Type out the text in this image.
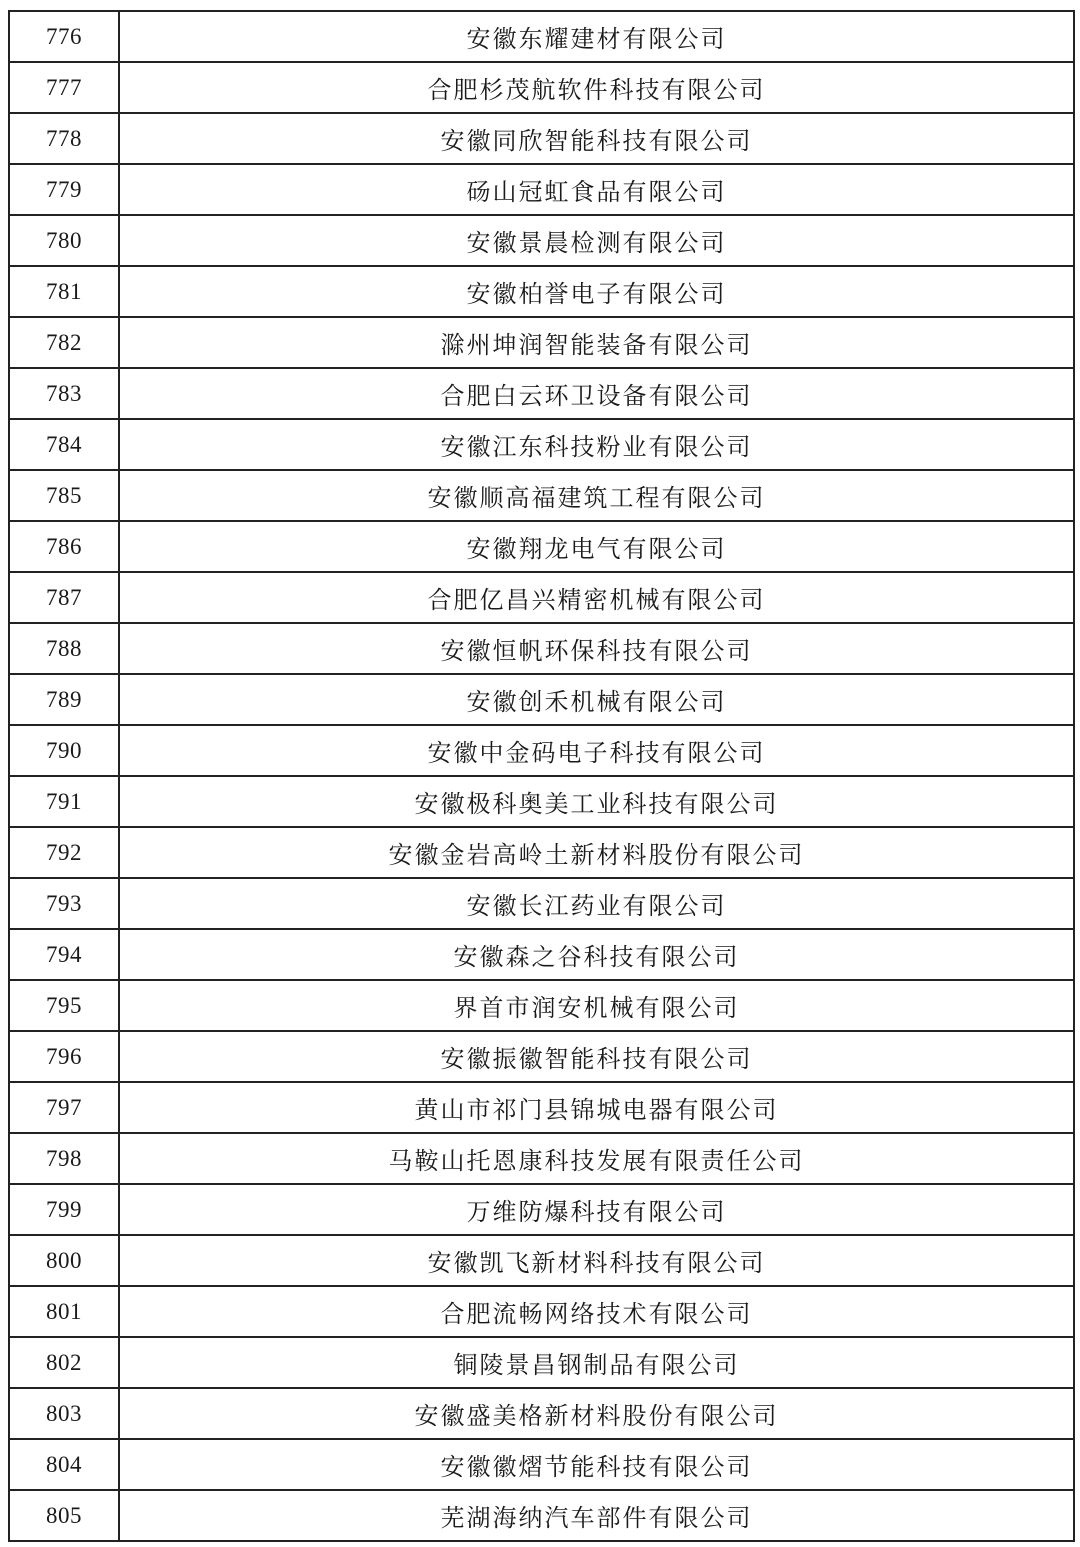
776	安徽东耀建材有限公司
777	合肥杉茂航软件科技有限公司
778	安徽同欣智能科技有限公司
779	砀山冠虹食品有限公司
780	安徽景晨检测有限公司
781	安徽柏誉电子有限公司
782	滁州坤润智能装备有限公司
783	合肥白云环卫设备有限公司
784	安徽江东科技粉业有限公司
785	安徽顺高福建筑工程有限公司
786	安徽翔龙电气有限公司
787	合肥亿昌兴精密机械有限公司
788	安徽恒帆环保科技有限公司
789	安徽创禾机械有限公司
790	安徽中金码电子科技有限公司
791	安徽极科奥美工业科技有限公司
792	安徽金岩高岭土新材料股份有限公司
793	安徽长江药业有限公司
794	安徽森之谷科技有限公司
795	界首市润安机械有限公司
796	安徽振徽智能科技有限公司
797	黄山市祁门县锦城电器有限公司
798	马鞍山托恩康科技发展有限责任公司
799	万维防爆科技有限公司
800	安徽凯飞新材料科技有限公司
801	合肥流畅网络技术有限公司
802	铜陵景昌钢制品有限公司
803	安徽盛美格新材料股份有限公司
804	安徽徽熠节能科技有限公司
805	芜湖海纳汽车部件有限公司
